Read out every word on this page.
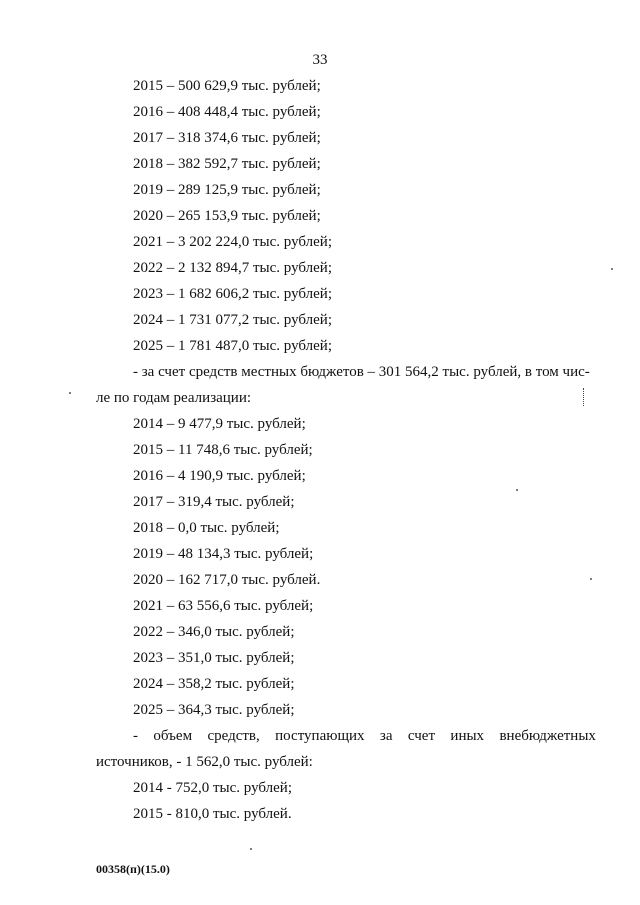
33
2015 – 500 629,9 тыс. рублей;
2016 – 408 448,4 тыс. рублей;
2017 – 318 374,6 тыс. рублей;
2018 – 382 592,7 тыс. рублей;
2019 – 289 125,9 тыс. рублей;
2020 – 265 153,9 тыс. рублей;
2021 – 3 202 224,0 тыс. рублей;
2022 – 2 132 894,7 тыс. рублей;
2023 – 1 682 606,2 тыс. рублей;
2024 – 1 731 077,2 тыс. рублей;
2025 – 1 781 487,0 тыс. рублей;
- за счет средств местных бюджетов – 301 564,2 тыс. рублей, в том чис-
ле по годам реализации:
2014 – 9 477,9 тыс. рублей;
2015 – 11 748,6 тыс. рублей;
2016 – 4 190,9 тыс. рублей;
2017 – 319,4 тыс. рублей;
2018 – 0,0 тыс. рублей;
2019 – 48 134,3 тыс. рублей;
2020 – 162 717,0 тыс. рублей.
2021 – 63 556,6 тыс. рублей;
2022 – 346,0 тыс. рублей;
2023 – 351,0 тыс. рублей;
2024 – 358,2 тыс. рублей;
2025 – 364,3 тыс. рублей;
- объем средств, поступающих за счет иных внебюджетных
источников, - 1 562,0 тыс. рублей:
2014 - 752,0 тыс. рублей;
2015 - 810,0 тыс. рублей.
00358(п)(15.0)
